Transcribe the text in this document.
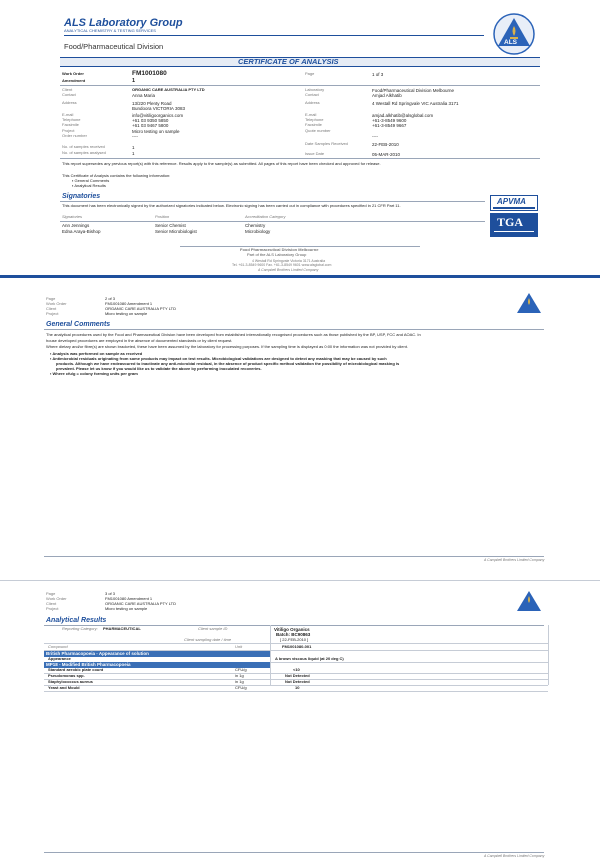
ALS Laboratory Group
ANALYTICAL CHEMISTRY & TESTING SERVICES
Food/Pharmaceutical Division	ALS
CERTIFICATE OF ANALYSIS
Work Order	FM1001080
Amendment	1
Client	ORGANIC CARE AUSTRALIA PTY LTD
Contact	Anna Maria
Address	13/220 Plenty Road
Bundoora VICTORIA 3083
E-mail	info@vitiligoorganics.com
Telephone	+61 03 9350 5850
Facsimile	+61 03 9467 5800
Project	Micro testing on sample
Order number	----
No. of samples received	1
No. of samples analysed	1
Page	1 of 3
Laboratory	Food/Pharmaceutical Division Melbourne
Contact	Amjad Alkhatib
Address	4 Westall Rd Springvale VIC Australia 3171
E-mail	amjad.alkhatib@alsglobal.com
Telephone	+61-3-8549 9600
Facsimile	+61-3-8549 9667
Quote number
----
Date Samples Received	22-FEB-2010
Issue Date	05-MAR-2010
This report supersedes any previous report(s) with this reference. Results apply to the sample(s) as submitted. All pages of this report have been checked and approved for release.
This Certificate of Analysis contains the following information:
▪ General Comments
▪ Analytical Results
Signatories
This document has been electronically signed by the authorized signatories indicated below. Electronic signing has been carried out in compliance with procedures specified in 21 CFR Part 11.
Signatories	Position	Accreditation Category
Ann Jennings	Senior Chemist	Chemistry
Edna Araya-Bishop	Senior Microbiologist	Microbiology
APVMA
TGA
Food Pharmaceutical Division Melbourne
Part of the ALS Laboratory Group
4 Westall Rd Springvale Victoria 3171 Australia
Tel. +61-3-8549 9600 Fax. +61-3-8549 9601 www.alsglobal.com
A Campbell Brothers Limited Company
Page	2 of 3
Work Order	FM1001080 Amendment 1
Client	ORGANIC CARE AUSTRALIA PTY LTD
Project	Micro testing on sample
General Comments
The analytical procedures used by the Food and Pharmaceutical Division have been developed from established internationally recognised procedures such as those published by the BP, USP, FCC and AOAC. In
house developed procedures are employed in the absence of documented standards or by client request.
Where dietary and/or fibre(s) are shown bracketed, these have been assumed by the laboratory for processing purposes. If the sampling time is displayed as 0:00 the information was not provided by client.
▪ Analysis was performed on sample as received
▪ Antimicrobial residuals originating from some products may impact on test results. Microbiological validations are designed to detect any masking that may be caused by such
products. Although we have endeavoured to inactivate any anti-microbial residual, in the absence of product specific method validation the possibility of microbiological masking is
prevalent. Please let us know if you would like us to validate the above by performing inoculated recoveries.
▪ Where cfu/g = colony forming units per gram
A Campbell Brothers Limited Company
Page	3 of 3
Work Order	FM1001080 Amendment 1
Client	ORGANIC CARE AUSTRALIA PTY LTD
Project	Micro testing on sample
Analytical Results
Reporting Category: PHARMACEUTICAL	Client sample ID	Vitiligo Organics
Batch: BC90863
Client sampling date / time	[ 22-FEB-2010 ]
Compound	Unit	FM1001080-001
British Pharmacopoeia - Appearance of solution
Appearance	A brown viscous liquid (at 20 deg C)
MP18 - Modified British Pharmacopoeia
Standard aerobic plate count	CFU/g	<10
Pseudomonas spp.	in 1g	Not Detected
Staphylococcus aureus	in 1g	Not Detected
Yeast and Mould	CFU/g	10
A Campbell Brothers Limited Company
